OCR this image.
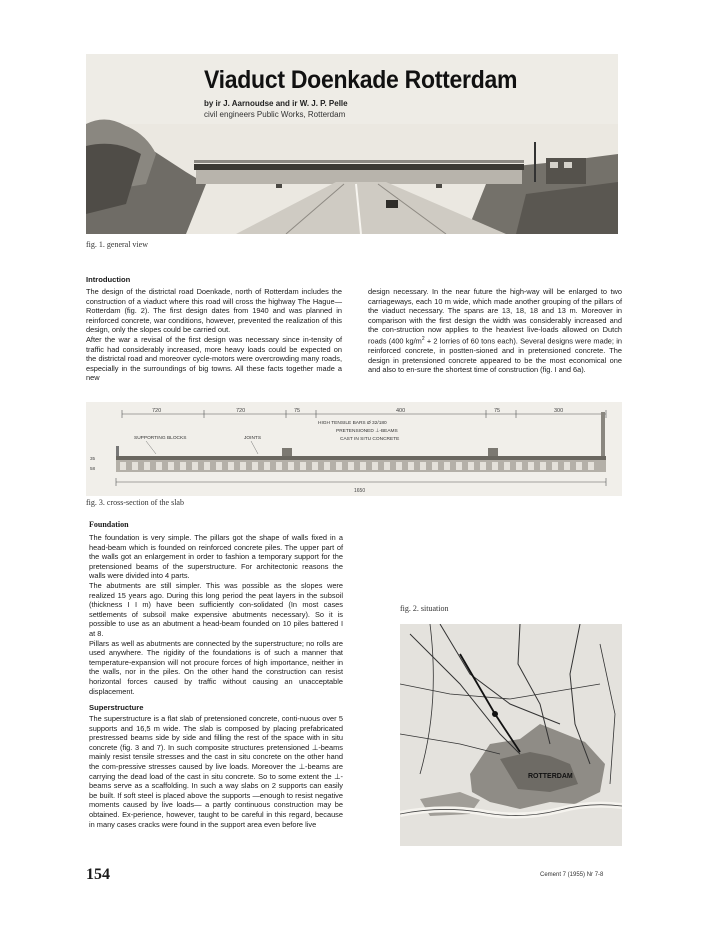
Viaduct Doenkade Rotterdam
by ir J. Aarnoudse and ir W. J. P. Pelle
civil engineers Public Works, Rotterdam
fig. 1. general view
Introduction

The design of the districtal road Doenkade, north of Rotterdam includes the construction of a viaduct where this road will cross the highway The Hague—Rotterdam (fig. 2). The first design dates from 1940 and was planned in reinforced concrete, war conditions, however, prevented the realization of this design, only the slopes could be carried out.

After the war a revisal of the first design was necessary since in-tensity of traffic had considerably increased, more heavy loads could be expected on the districtal road and moreover cycle-motors were overcrowding many roads, especially in the surroundings of big towns. All these facts together made a new

design necessary. In the near future the high-way will be enlarged to two carriageways, each 10 m wide, which made another grouping of the pillars of the viaduct necessary. The spans are 13, 18, 18 and 13 m. Moreover in comparison with the first design the width was considerably increased and the con-struction now applies to the heaviest live-loads allowed on Dutch roads (400 $kg/m^2 + 2$ lorries of 60 tons each). Several designs were made; in reinforced concrete, in postten-sioned and in pretensioned concrete. The design in pretensioned concrete appeared to be the most economical one and also to en-sure the shortest time of construction (fig. I and 6a).

720	720	75	400	75	300
HIGH TENSILE BARS Ø 32/180
PRETENSIONED ⊥-BEAMS
CAST IN SITU CONCRETE
SUPPORTING BLOCKS	JOINTS
35
58
1650
fig. 3. cross-section of the slab
Foundation

The foundation is very simple. The pillars got the shape of walls fixed in a head-beam which is founded on reinforced concrete piles. The upper part of the walls got an enlargement in order to fashion a temporary support for the pretensioned beams of the superstructure. For architectonic reasons the walls were divided into 4 parts.

The abutments are still simpler. This was possible as the slopes were realized 15 years ago. During this long period the peat layers in the subsoil (thickness I I m) have been sufficiently con-solidated (In most cases settlements of subsoil make expensive abutments necessary). So it is possible to use as an abutment a head-beam founded on 10 piles battered I at 8.

Pillars as well as abutments are connected by the superstructure; no rolls are used anywhere. The rigidity of the foundations is of such a manner that temperature-expansion will not procure forces of high importance, neither in the walls, nor in the piles. On the other hand the construction can resist horizontal forces caused by traffic without causing an unacceptable displacement.

Superstructure

The superstructure is a flat slab of pretensioned concrete, conti-nuous over 5 supports and 16,5 m wide. The slab is composed by placing prefabricated prestressed beams side by side and filling the rest of the space with in situ concrete (fig. 3 and 7). In such composite structures pretensioned ⊥-beams mainly resist tensile stresses and the cast in situ concrete on the other hand the com-pressive stresses caused by live loads. Moreover the ⊥-beams are carrying the dead load of the cast in situ concrete. So to some extent the ⊥-beams serve as a scaffolding. In such a way slabs on 2 supports can easily be built. If soft steel is placed above the supports —enough to resist negative moments caused by live loads— a partly continuous construction may be obtained. Ex-perience, however, taught to be careful in this regard, because in many cases cracks were found in the support area even before live

fig. 2. situation
ROTTERDAM
154	Cement 7 (1955) Nr 7-8
